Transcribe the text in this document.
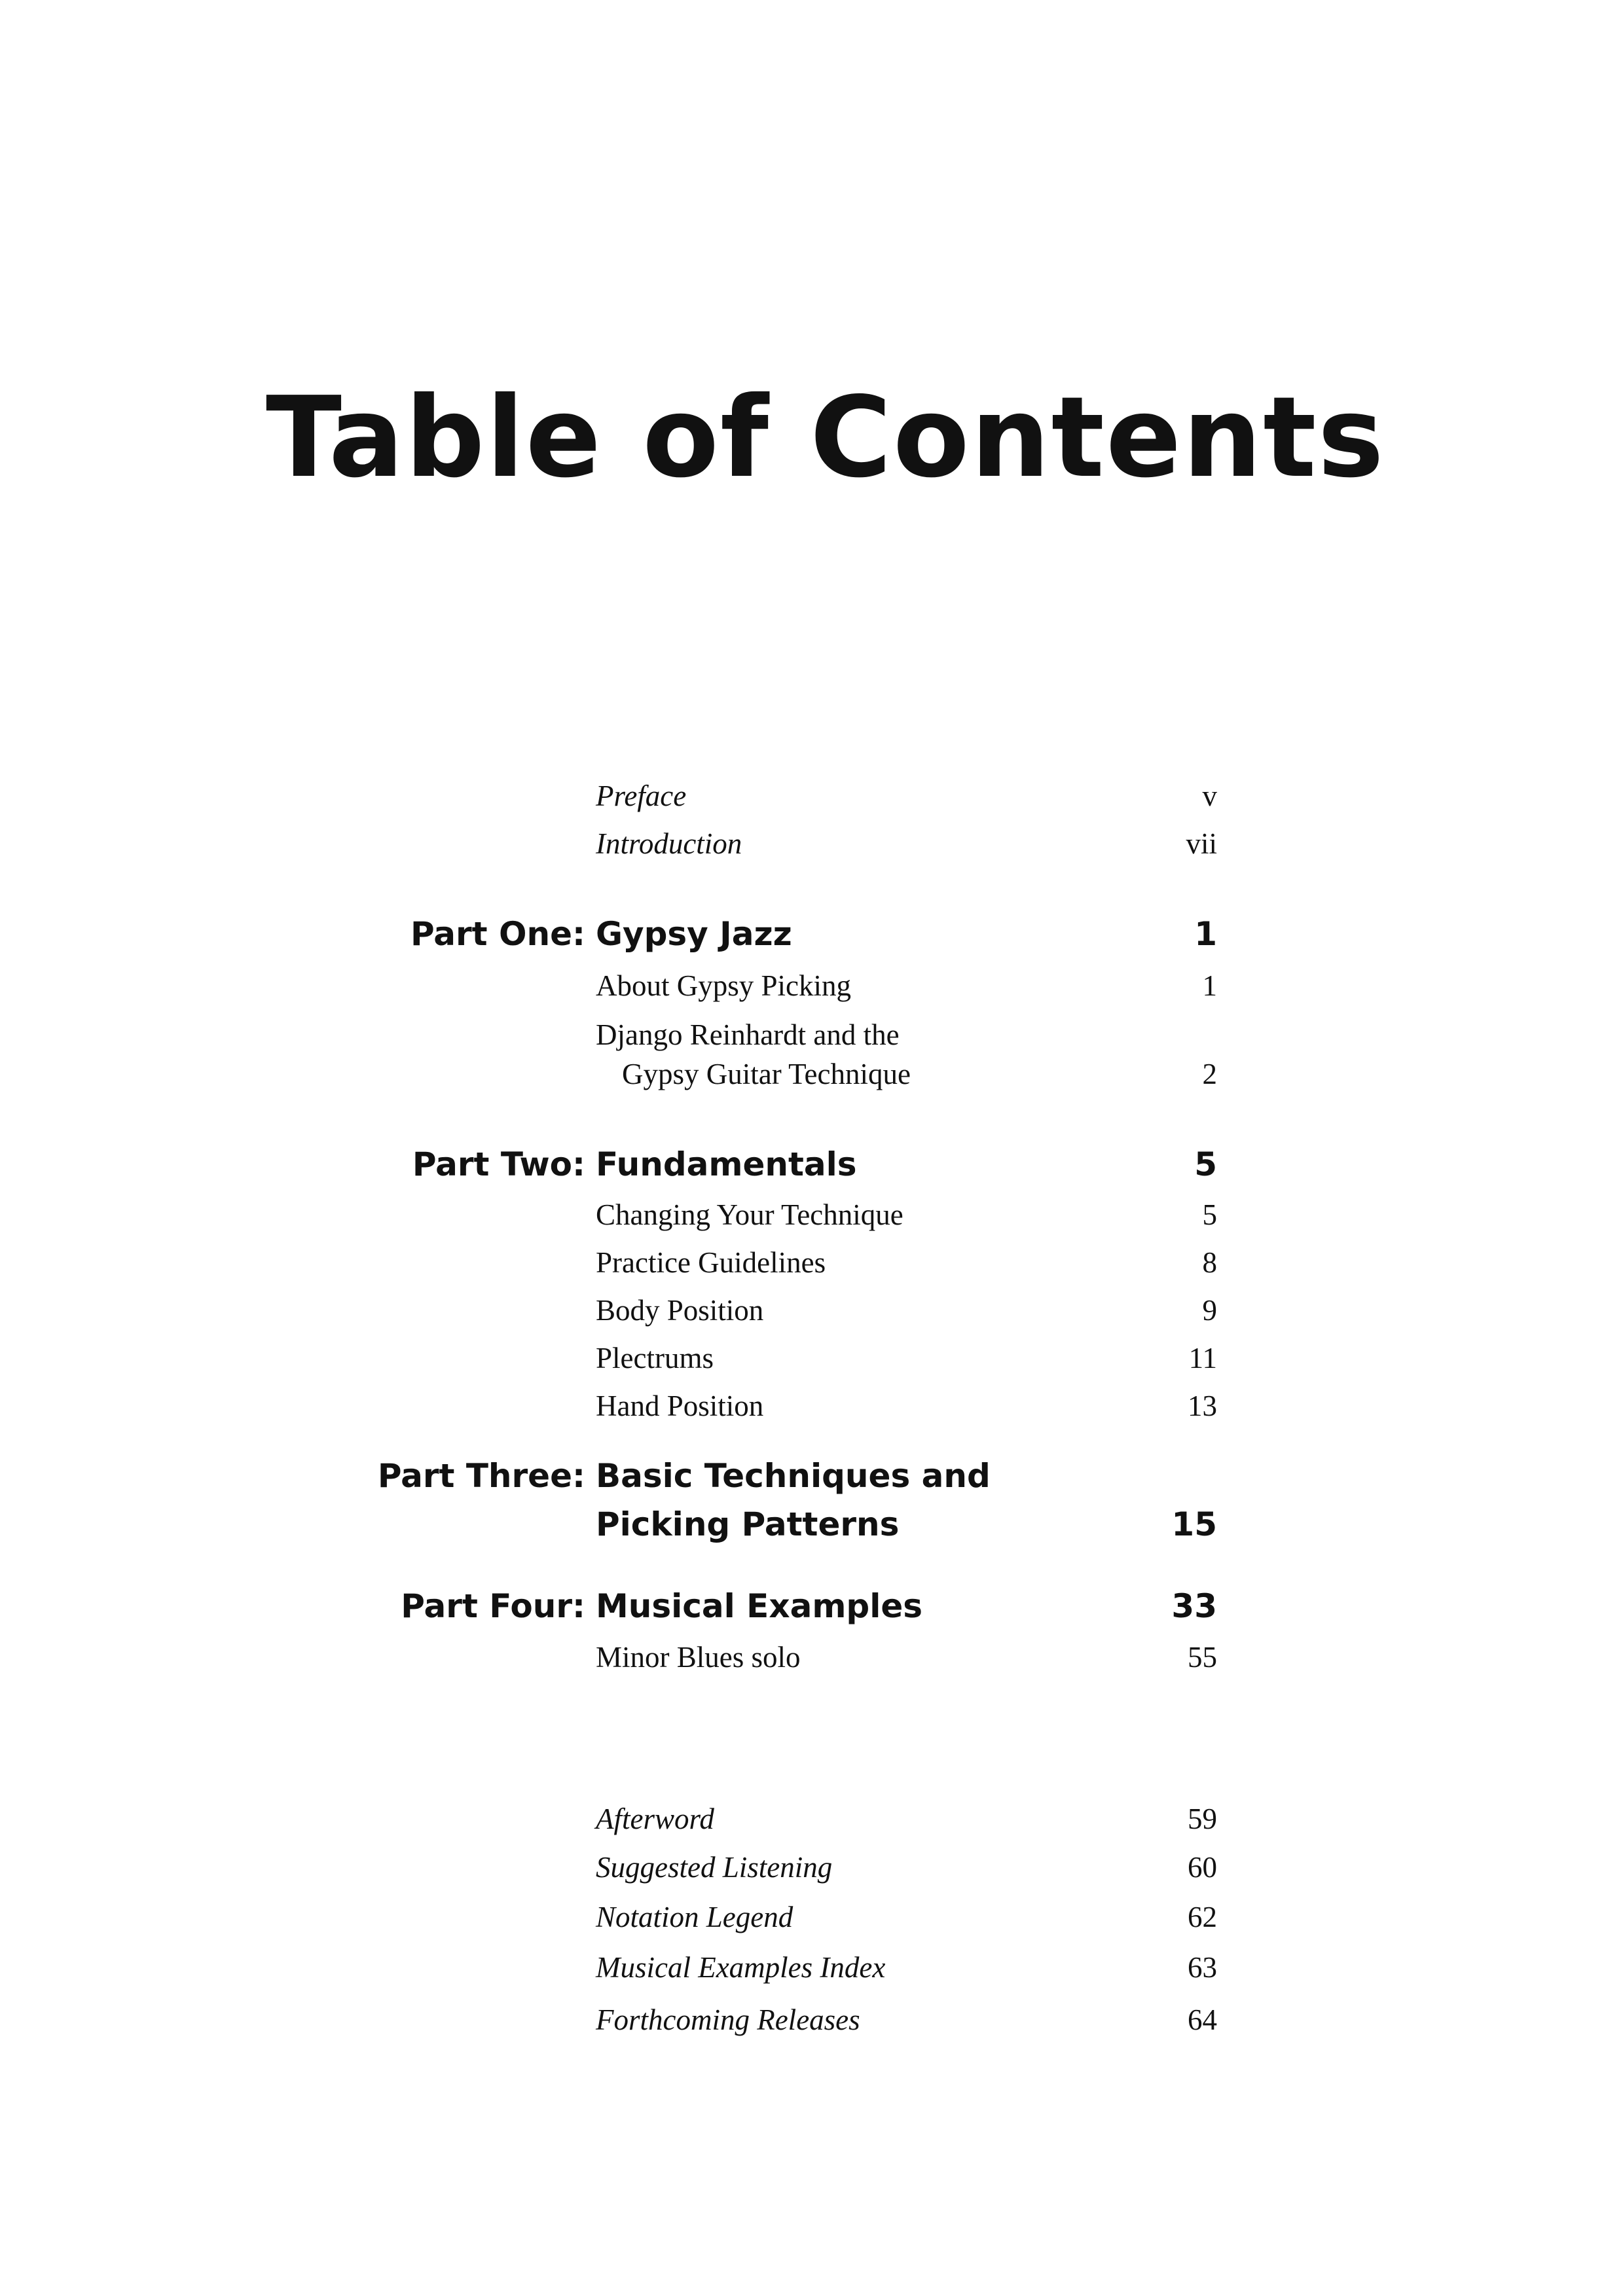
Table of Contents
Preface	v
Introduction	vii
Part One: Gypsy Jazz	1
About Gypsy Picking	1
Django Reinhardt and the
Gypsy Guitar Technique	2
Part Two: Fundamentals	5
Changing Your Technique	5
Practice Guidelines	8
Body Position	9
Plectrums	11
Hand Position	13
Part Three: Basic Techniques and
Picking Patterns	15
Part Four: Musical Examples	33
Minor Blues solo	55
Afterword	59
Suggested Listening	60
Notation Legend	62
Musical Examples Index	63
Forthcoming Releases	64
